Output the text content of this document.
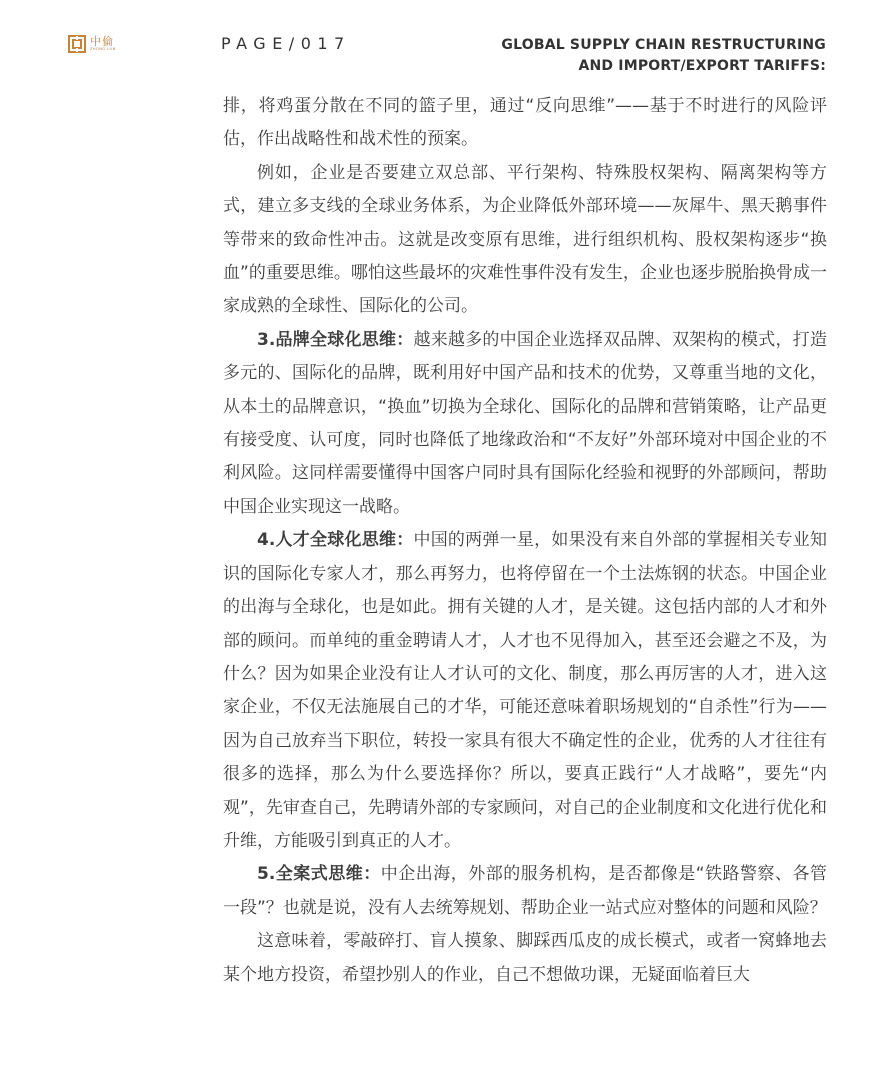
中倫
ZHONG LUN	PAGE/017	GLOBAL SUPPLY CHAIN RESTRUCTURING
AND IMPORT/EXPORT TARIFFS:

排，将鸡蛋分散在不同的篮子里，通过“反向思维”——基于不时进行的风险评估，作出战略性和战术性的预案。

例如，企业是否要建立双总部、平行架构、特殊股权架构、隔离架构等方式，建立多支线的全球业务体系，为企业降低外部环境——灰犀牛、黑天鹅事件等带来的致命性冲击。这就是改变原有思维，进行组织机构、股权架构逐步“换血”的重要思维。哪怕这些最坏的灾难性事件没有发生，企业也逐步脱胎换骨成一家成熟的全球性、国际化的公司。

3.品牌全球化思维：越来越多的中国企业选择双品牌、双架构的模式，打造多元的、国际化的品牌，既利用好中国产品和技术的优势，又尊重当地的文化，从本土的品牌意识，“换血”切换为全球化、国际化的品牌和营销策略，让产品更有接受度、认可度，同时也降低了地缘政治和“不友好”外部环境对中国企业的不利风险。这同样需要懂得中国客户同时具有国际化经验和视野的外部顾问，帮助中国企业实现这一战略。

4.人才全球化思维：中国的两弹一星，如果没有来自外部的掌握相关专业知识的国际化专家人才，那么再努力，也将停留在一个土法炼钢的状态。中国企业的出海与全球化，也是如此。拥有关键的人才，是关键。这包括内部的人才和外部的顾问。而单纯的重金聘请人才，人才也不见得加入，甚至还会避之不及，为什么？因为如果企业没有让人才认可的文化、制度，那么再厉害的人才，进入这家企业，不仅无法施展自己的才华，可能还意味着职场规划的“自杀性”行为——因为自己放弃当下职位，转投一家具有很大不确定性的企业，优秀的人才往往有很多的选择，那么为什么要选择你？所以，要真正践行“人才战略”，要先“内观”，先审查自己，先聘请外部的专家顾问，对自己的企业制度和文化进行优化和升维，方能吸引到真正的人才。

5.全案式思维：中企出海，外部的服务机构，是否都像是“铁路警察、各管一段”？也就是说，没有人去统筹规划、帮助企业一站式应对整体的问题和风险？

这意味着，零敲碎打、盲人摸象、脚踩西瓜皮的成长模式，或者一窝蜂地去某个地方投资，希望抄别人的作业，自己不想做功课，无疑面临着巨大
